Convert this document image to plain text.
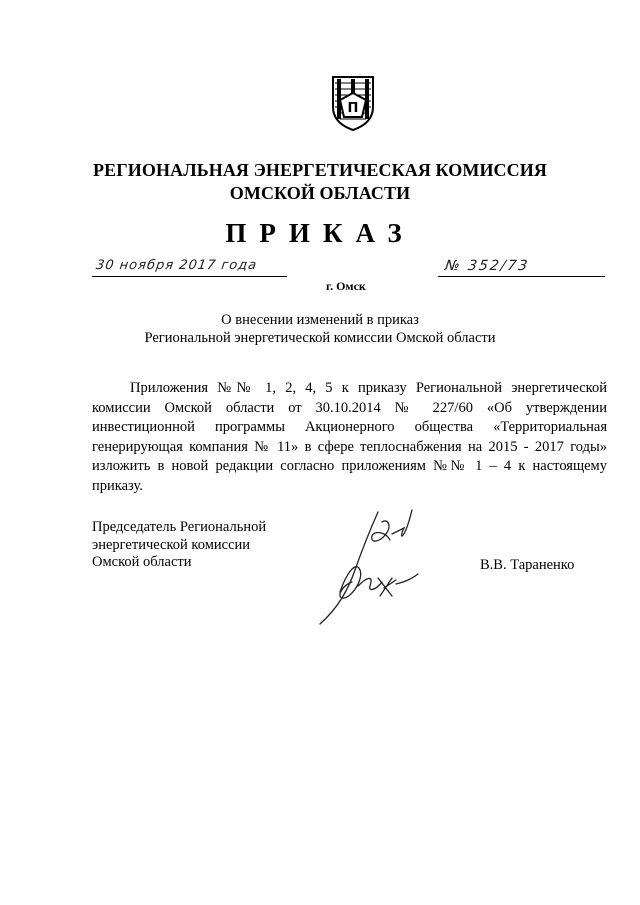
П
РЕГИОНАЛЬНАЯ ЭНЕРГЕТИЧЕСКАЯ КОМИССИЯ
ОМСКОЙ ОБЛАСТИ
ПРИКАЗ
30 ноября 2017 года	№ 352/73
г. Омск
О внесении изменений в приказ
Региональной энергетической комиссии Омской области
Приложения №№ 1, 2, 4, 5 к приказу Региональной энергетической комиссии Омской области от 30.10.2014 № 227/60 «Об утверждении инвестиционной программы Акционерного общества «Территориальная генерирующая компания № 11» в сфере теплоснабжения на 2015 - 2017 годы» изложить в новой редакции согласно приложениям №№ 1 – 4 к настоящему приказу.
Председатель Региональной
энергетической комиссии
Омской области	В.В. Тараненко
